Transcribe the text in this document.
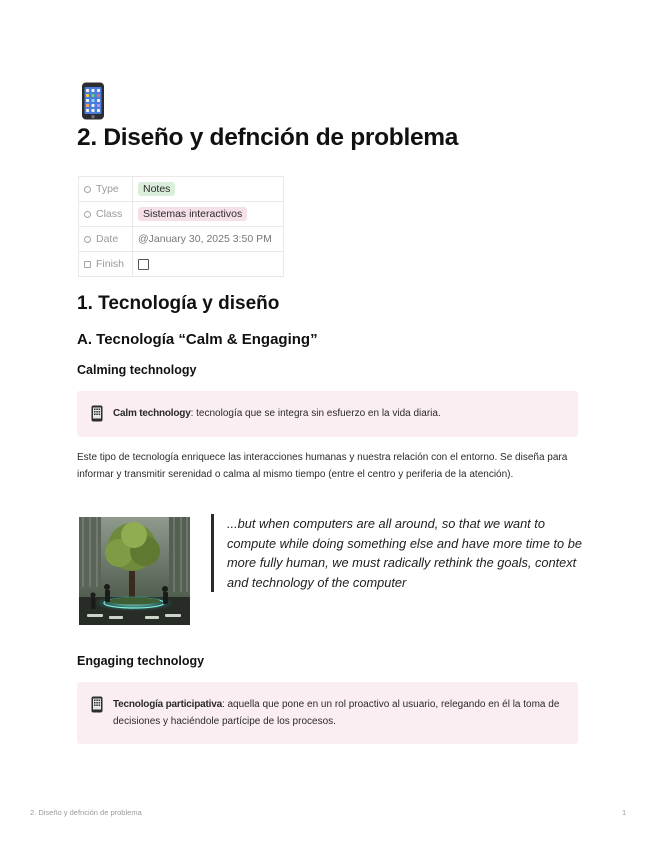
2. Diseño y defnción de problema
Type	Notes
Class	Sistemas interactivos
Date	@January 30, 2025 3:50 PM
Finish	
1. Tecnología y diseño
A. Tecnología “Calm & Engaging”
Calming technology
Calm technology: tecnología que se integra sin esfuerzo en la vida diaria.

Este tipo de tecnología enriquece las interacciones humanas y nuestra relación con el entorno. Se diseña para informar y transmitir serenidad o calma al mismo tiempo (entre el centro y periferia de la atención).

...but when computers are all around, so that we want to compute while doing something else and have more time to be more fully human, we must radically rethink the goals, context and technology of the computer

Engaging technology
Tecnología participativa: aquella que pone en un rol proactivo al usuario, relegando en él la toma de decisiones y haciéndole partícipe de los procesos.
2. Diseño y defnción de problema	1
